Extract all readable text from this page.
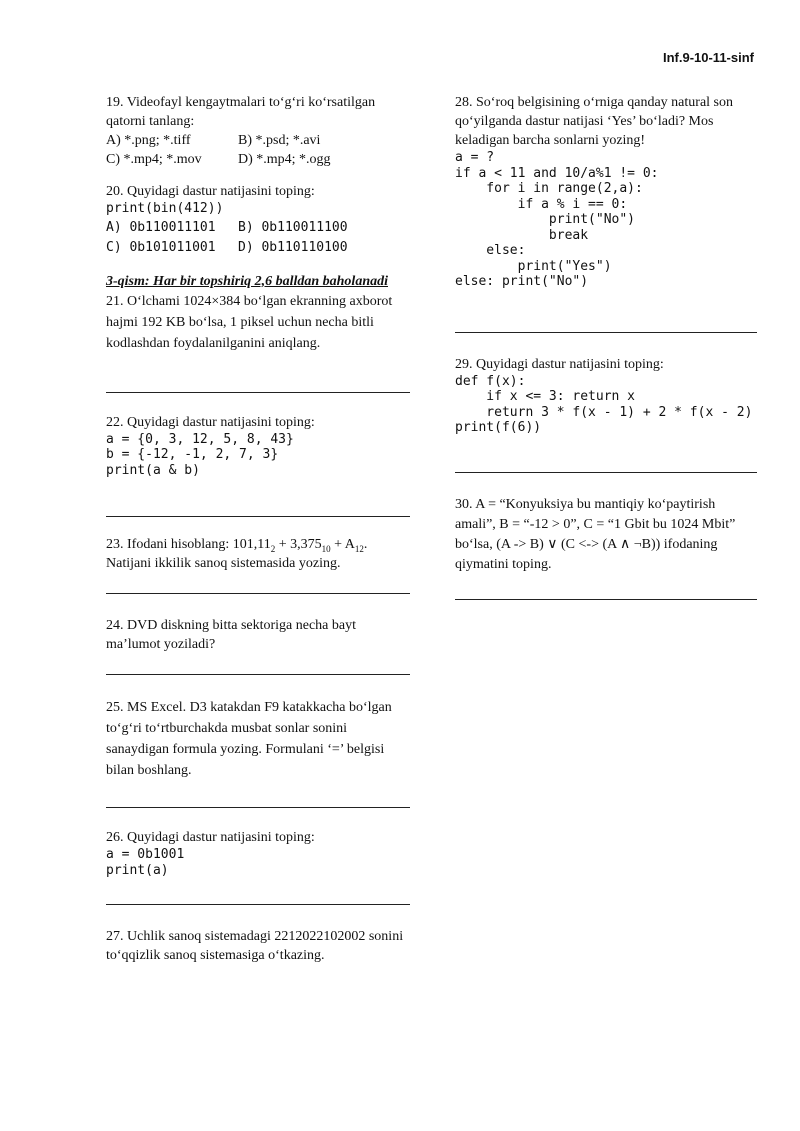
Inf.9-10-11-sinf

19. Videofayl kengaytmalari to‘g‘ri ko‘rsatilgan qatorni tanlang:

A) *.png; *.tiff	B) *.psd; *.avi
C) *.mp4; *.mov	D) *.mp4; *.ogg

20. Quyidagi dastur natijasini toping:

print(bin(412))
A) 0b110011101	B) 0b110011100
C) 0b101011001	D) 0b110110100
3-qism: Har bir topshiriq 2,6 balldan baholanadi

21. O‘lchami 1024×384 bo‘lgan ekranning axborot hajmi 192 KB bo‘lsa, 1 piksel uchun necha bitli kodlashdan foydalanilganini aniqlang.

22. Quyidagi dastur natijasini toping:

a = {0, 3, 12, 5, 8, 43}
b = {-12, -1, 2, 7, 3}
print(a & b)

23. Ifodani hisoblang: $101,11_2 + 3,375_{10} + A_{12}$.

Natijani ikkilik sanoq sistemasida yozing.

24. DVD diskning bitta sektoriga necha bayt ma’lumot yoziladi?

25. MS Excel. D3 katakdan F9 katakkacha bo‘lgan to‘g‘ri to‘rtburchakda musbat sonlar sonini sanaydigan formula yozing. Formulani ‘=’ belgisi bilan boshlang.

26. Quyidagi dastur natijasini toping:

a = 0b1001
print(a)

27. Uchlik sanoq sistemadagi 2212022102002 sonini to‘qqizlik sanoq sistemasiga o‘tkazing.

28. So‘roq belgisining o‘rniga qanday natural son qo‘yilganda dastur natijasi ‘Yes’ bo‘ladi? Mos keladigan barcha sonlarni yozing!

a = ?
if a < 11 and 10/a%1 != 0:
for i in range(2,a):
if a % i == 0:
print("No")
break
else:
print("Yes")
else: print("No")

29. Quyidagi dastur natijasini toping:

def f(x):
if x <= 3: return x
return 3 * f(x - 1) + 2 * f(x - 2)
print(f(6))

30. A = “Konyuksiya bu mantiqiy ko‘paytirish amali”, B = “-12 > 0”, C = “1 Gbit bu 1024 Mbit” bo‘lsa, (A -> B) ∨ (C <-> (A ∧ ¬B)) ifodaning qiymatini toping.
